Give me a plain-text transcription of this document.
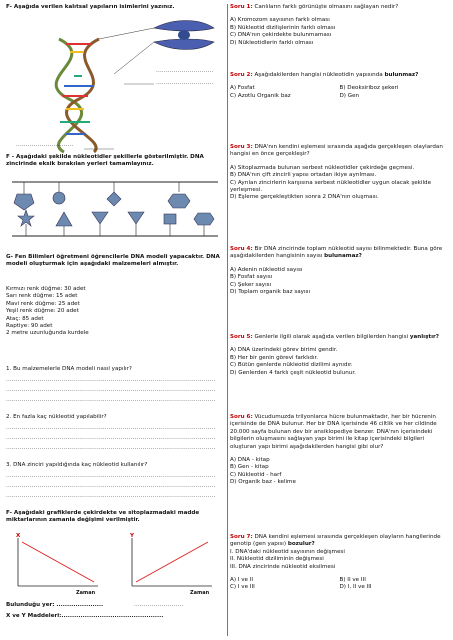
F- Aşağıda verilen kalıtsal yapıların isimlerini yazınız.
.............................
.............................
.............................
F - Aşağıdaki şekilde nükleotidler şekillerle gösterilmiştir. DNA zincirinde eksik bırakılan yerleri tamamlayınız.
G- Fen Bilimleri öğretmeni öğrencilerle DNA modeli yapacaktır. DNA modeli oluşturmak için aşağıdaki malzemeleri almıştır.
Kırmızı renk düğme: 30 adet
Sarı renk düğme: 15 adet
Mavi renk düğme: 25 adet
Yeşil renk düğme: 20 adet
Ataç: 85 adet
Raptiye: 90 adet
2 metre uzunluğunda kurdele
1. Bu malzemelerle DNA modeli nasıl yapılır?
..........................................................................................................
..........................................................................................................
..........................................................................................................
2. En fazla kaç nükleotid yapılabilir?
..........................................................................................................
..........................................................................................................
..........................................................................................................
3. DNA zinciri yapıldığında kaç nükleotid kullanılır?
..........................................................................................................
..........................................................................................................
..........................................................................................................
F- Aşağıdaki grafiklerde çekirdekte ve sitoplazmadaki madde miktarlarının zamanla değişimi verilmiştir.
X
Zaman
Y
Zaman
Bulunduğu yer: ......................	.........................
X ve Y Maddeleri:................................................
Soru 1: Canlıların farklı görünüşte olmasını sağlayan nedir?
A) Kromozom sayısının farklı olması
B) Nükleotid dizilişlerinin farklı olması
C) DNA'nın çekirdekte bulunmaması
D) Nükleotidlerin farklı olması
Soru 2: Aşağıdakilerden hangisi nükleotidin yapısında bulunmaz?
A) Fosfat	B) Deoksiriboz şekeri
C) Azotlu Organik baz	D) Gen
Soru 3: DNA'nın kendini eşlemesi sırasında aşağıda gerçekleşen olaylardan hangisi en önce gerçekleşir?
A) Sitoplazmada bulunan serbest nükleotidler çekirdeğe geçmesi.
B) DNA'nın çift zincirli yapısı ortadan ikiye ayrılması.
C) Ayrılan zincirlerin karşısına serbest nükleotidler uygun olacak şekilde yerleşmesi.
D) Eşleme gerçekleştikten sonra 2 DNA'nın oluşması.
Soru 4: Bir DNA zincirinde toplam nükleotid sayısı bilinmektedir. Buna göre aşağıdakilerden hangisinin sayısı bulunamaz?
A) Adenin nükleotid sayısı
B) Fosfat sayısı
C) Şeker sayısı
D) Toplam organik baz sayısı
Soru 5: Genlerle ilgili olarak aşağıda verilen bilgilerden hangisi yanlıştır?
A) DNA üzerindeki görev birimi gendir.
B) Her bir genin görevi farklıdır.
C) Bütün genlerde nükleotid dizilimi aynıdır.
D) Genlerden 4 farklı çeşit nükleotid bulunur.
Soru 6: Vücudumuzda trilyonlarca hücre bulunmaktadır, her bir hücrenin içerisinde de DNA bulunur. Her bir DNA içerisinde 46 ciltlik ve her cildinde 20.000 sayfa bulunan dev bir ansiklopediye benzer. DNA'nın içerisindeki bilgilerin oluşmasını sağlayan yapı birimi ile kitap içerisindeki bilgileri oluşturan yapı birimi aşağıdakilerden hangisi gibi olur?
A) DNA - kitap
B) Gen - kitap
C) Nükleotid - harf
D) Organik baz - kelime
Soru 7: DNA kendini eşlemesi sırasında gerçekleşen olayların hangilerinde genotip (gen yapısı) bozulur?
I. DNA'daki nükleotid sayısının değişmesi
II. Nükleotid diziliminin değişmesi
III. DNA zincirinde nükleotid eksilmesi
A) I ve II	B) II ve III
C) I ve III	D) I, II ve III
